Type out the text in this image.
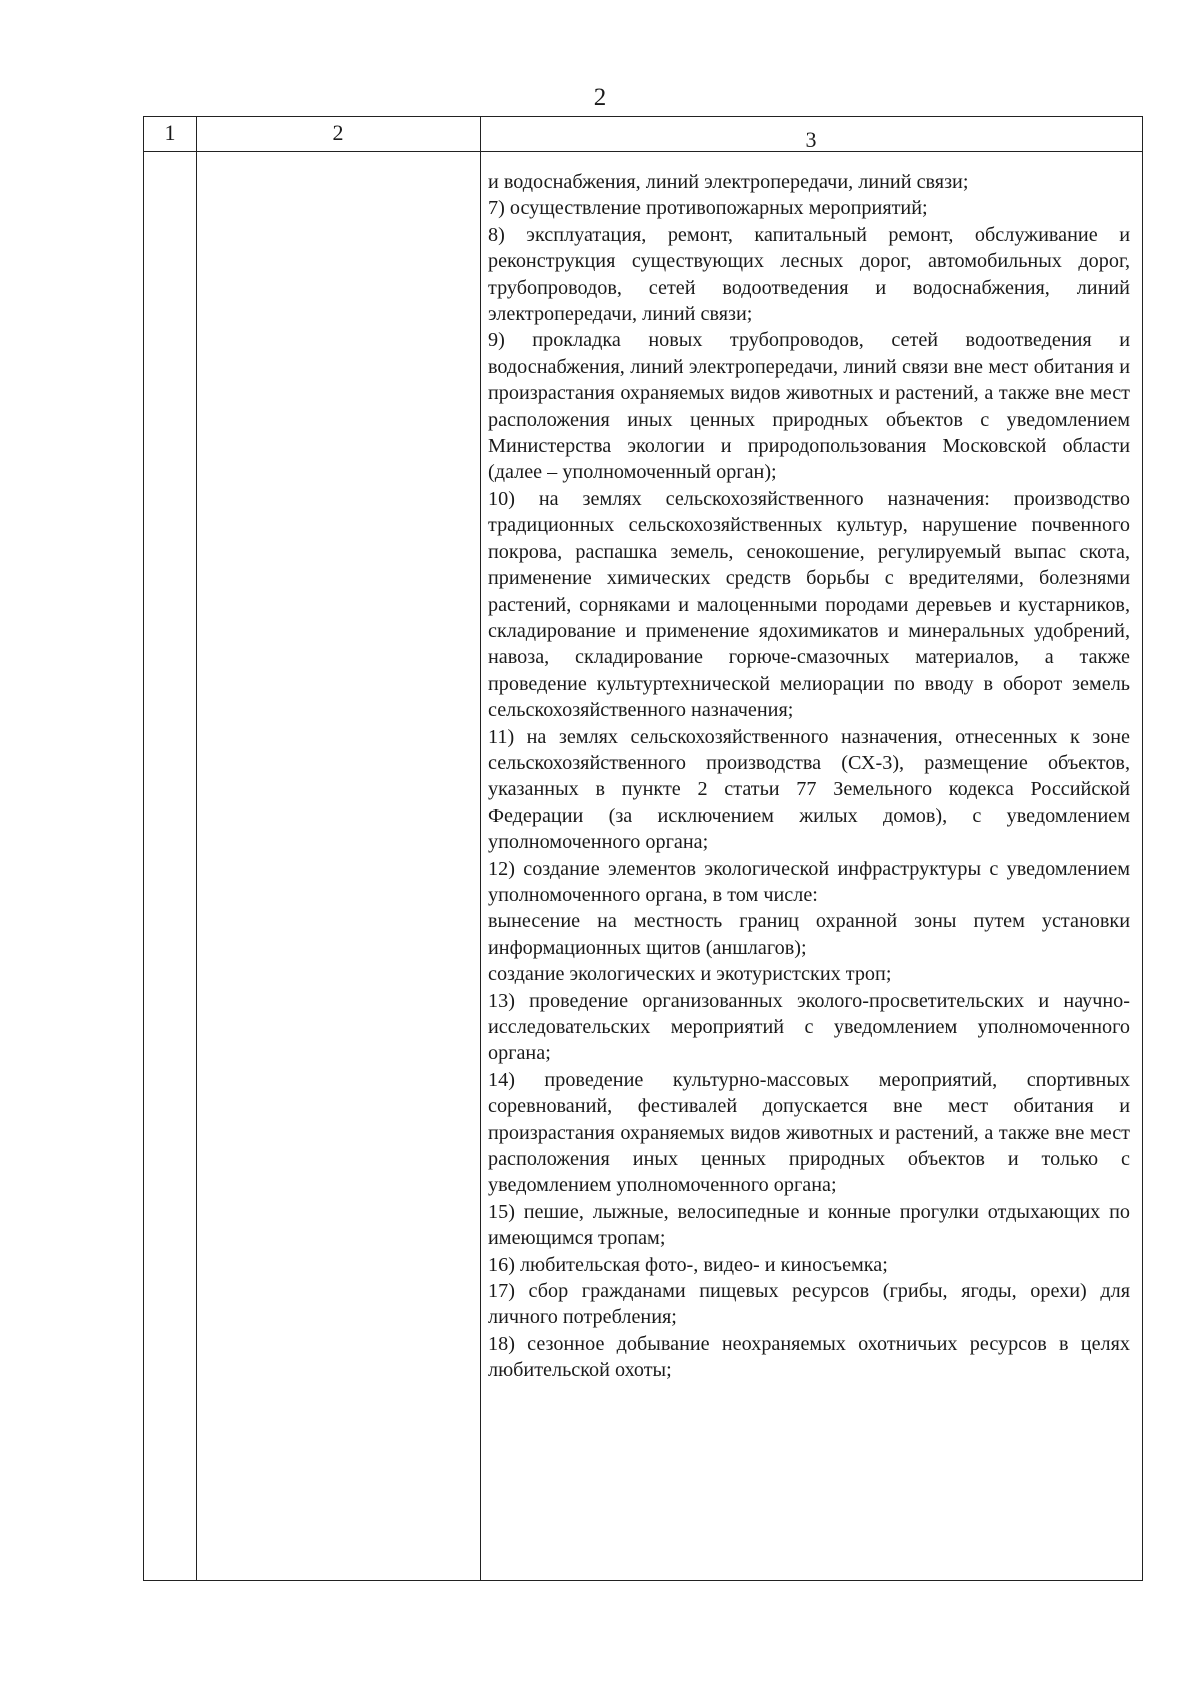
2
1	2	3

и водоснабжения, линий электропередачи, линий связи;

7) осуществление противопожарных мероприятий;

8) эксплуатация, ремонт, капитальный ремонт, обслуживание и реконструкция существующих лесных дорог, автомобильных дорог, трубопроводов, сетей водоотведения и водоснабжения, линий электропередачи, линий связи;

9) прокладка новых трубопроводов, сетей водоотведения и водоснабжения, линий электропередачи, линий связи вне мест обитания и произрастания охраняемых видов животных и растений, а также вне мест расположения иных ценных природных объектов с уведомлением Министерства экологии и природопользования Московской области (далее – уполномоченный орган);

10) на землях сельскохозяйственного назначения: производство традиционных сельскохозяйственных культур, нарушение почвенного покрова, распашка земель, сенокошение, регулируемый выпас скота, применение химических средств борьбы с вредителями, болезнями растений, сорняками и малоценными породами деревьев и кустарников, складирование и применение ядохимикатов и минеральных удобрений, навоза, складирование горюче-смазочных материалов, а также проведение культуртехнической мелиорации по вводу в оборот земель сельскохозяйственного назначения;

11) на землях сельскохозяйственного назначения, отнесенных к зоне сельскохозяйственного производства (СХ-3), размещение объектов, указанных в пункте 2 статьи 77 Земельного кодекса Российской Федерации (за исключением жилых домов), с уведомлением уполномоченного органа;

12) создание элементов экологической инфраструктуры с уведомлением уполномоченного органа, в том числе:

вынесение на местность границ охранной зоны путем установки информационных щитов (аншлагов);

создание экологических и экотуристских троп;

13) проведение организованных эколого-просветительских и научно-исследовательских мероприятий с уведомлением уполномоченного органа;

14) проведение культурно-массовых мероприятий, спортивных соревнований, фестивалей допускается вне мест обитания и произрастания охраняемых видов животных и растений, а также вне мест расположения иных ценных природных объектов и только с уведомлением уполномоченного органа;

15) пешие, лыжные, велосипедные и конные прогулки отдыхающих по имеющимся тропам;

16) любительская фото-, видео- и киносъемка;

17) сбор гражданами пищевых ресурсов (грибы, ягоды, орехи) для личного потребления;

18) сезонное добывание неохраняемых охотничьих ресурсов в целях любительской охоты;
